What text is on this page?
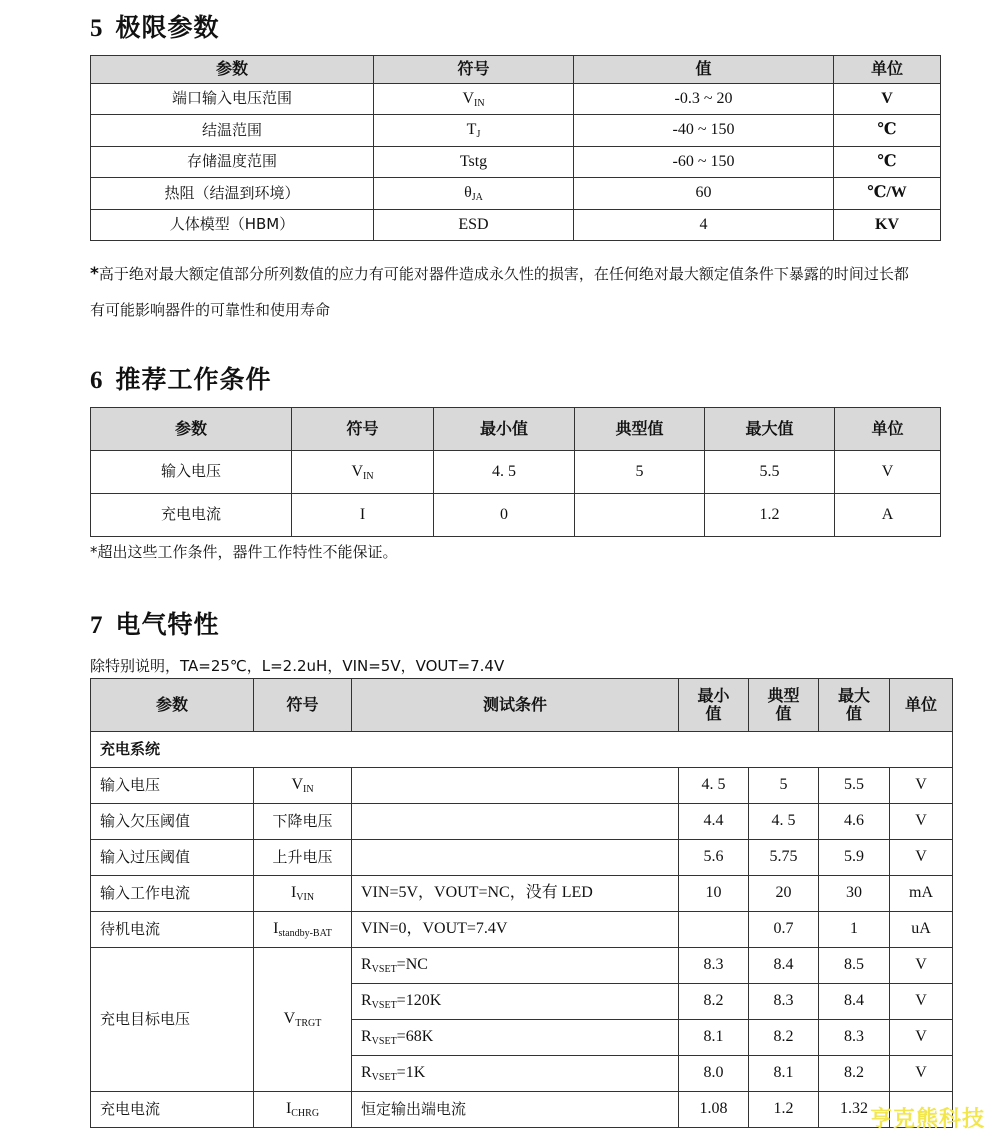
5 极限参数
参数	符号	值	单位
端口输入电压范围	$V_{IN}$	-0.3 ~ 20	V
结温范围	$T_J$	-40 ~ 150	℃
存储温度范围	Tstg	-60 ~ 150	℃
热阻（结温到环境）	$\theta_{JA}$	60	℃/W
人体模型（HBM）	ESD	4	KV
*高于绝对最大额定值部分所列数值的应力有可能对器件造成永久性的损害，在任何绝对最大额定值条件下暴露的时间过长都有可能影响器件的可靠性和使用寿命
6 推荐工作条件
参数	符号	最小值	典型值	最大值	单位
输入电压	$V_{IN}$	4. 5	5	5.5	V
充电电流	I	0		1.2	A
*超出这些工作条件，器件工作特性不能保证。
7 电气特性
除特别说明，TA=25℃，L=2.2uH，VIN=5V，VOUT=7.4V
参数	符号	测试条件	最小值	典型值	最大值	单位
充电系统						
输入电压	$V_{IN}$		4. 5	5	5.5	V
输入欠压阈值	下降电压		4.4	4. 5	4.6	V
输入过压阈值	上升电压		5.6	5.75	5.9	V
输入工作电流	$I_{VIN}$	VIN=5V，VOUT=NC，没有 LED	10	20	30	mA
待机电流	$I_{standby-BAT}$	VIN=0，VOUT=7.4V		0.7	1	uA
充电目标电压	$V_{TRGT}$	$R_{VSET}=NC$	8.3	8.4	8.5	V
		$R_{VSET}=120K$	8.2	8.3	8.4	V
		$R_{VSET}=68K$	8.1	8.2	8.3	V
		$R_{VSET}=1K$	8.0	8.1	8.2	V
充电电流	$I_{CHRG}$	恒定输出端电流	1.08	1.2	1.32	亨克熊科技
